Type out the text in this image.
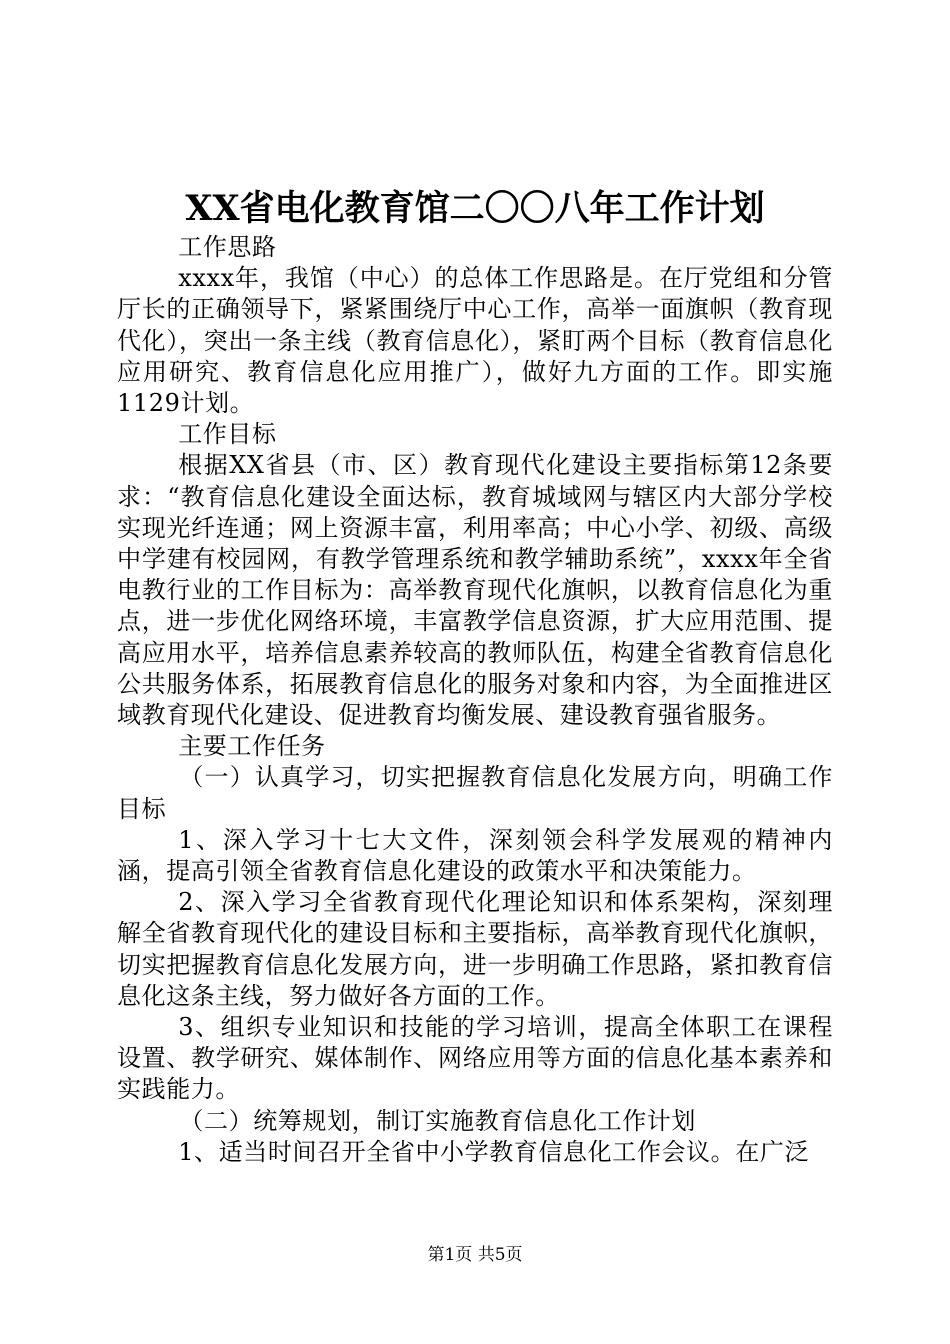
XX省电化教育馆二〇〇八年工作计划

工作思路

xxxx年，我馆（中心）的总体工作思路是。在厅党组和分管厅长的正确领导下，紧紧围绕厅中心工作，高举一面旗帜（教育现代化），突出一条主线（教育信息化），紧盯两个目标（教育信息化应用研究、教育信息化应用推广），做好九方面的工作。即实施1129计划。

工作目标

根据XX省县（市、区）教育现代化建设主要指标第12条要求：“教育信息化建设全面达标，教育城域网与辖区内大部分学校实现光纤连通；网上资源丰富，利用率高；中心小学、初级、高级中学建有校园网，有教学管理系统和教学辅助系统”，xxxx年全省电教行业的工作目标为：高举教育现代化旗帜，以教育信息化为重点，进一步优化网络环境，丰富教学信息资源，扩大应用范围、提高应用水平，培养信息素养较高的教师队伍，构建全省教育信息化公共服务体系，拓展教育信息化的服务对象和内容，为全面推进区域教育现代化建设、促进教育均衡发展、建设教育强省服务。

主要工作任务

（一）认真学习，切实把握教育信息化发展方向，明确工作目标

1、深入学习十七大文件，深刻领会科学发展观的精神内涵，提高引领全省教育信息化建设的政策水平和决策能力。

2、深入学习全省教育现代化理论知识和体系架构，深刻理解全省教育现代化的建设目标和主要指标，高举教育现代化旗帜，切实把握教育信息化发展方向，进一步明确工作思路，紧扣教育信息化这条主线，努力做好各方面的工作。

3、组织专业知识和技能的学习培训，提高全体职工在课程设置、教学研究、媒体制作、网络应用等方面的信息化基本素养和实践能力。

（二）统筹规划，制订实施教育信息化工作计划

1、适当时间召开全省中小学教育信息化工作会议。在广泛

第1页 共5页
